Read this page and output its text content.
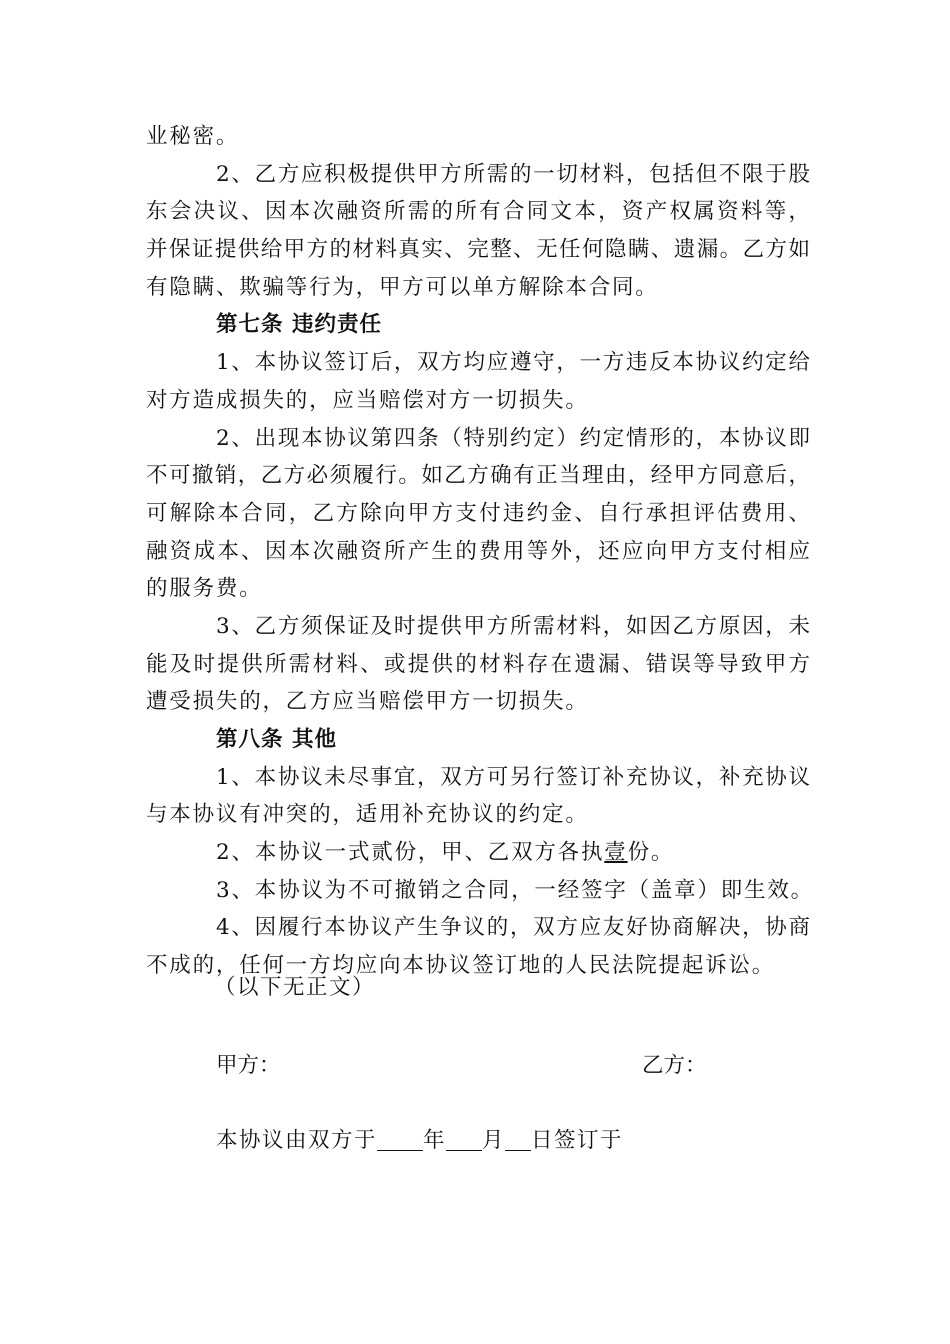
业秘密。
2、乙方应积极提供甲方所需的一切材料，包括但不限于股
东会决议、因本次融资所需的所有合同文本，资产权属资料等，
并保证提供给甲方的材料真实、完整、无任何隐瞒、遗漏。乙方如
有隐瞒、欺骗等行为，甲方可以单方解除本合同。
第七条 违约责任
1、本协议签订后，双方均应遵守，一方违反本协议约定给
对方造成损失的，应当赔偿对方一切损失。
2、出现本协议第四条（特别约定）约定情形的，本协议即
不可撤销，乙方必须履行。如乙方确有正当理由，经甲方同意后，
可解除本合同，乙方除向甲方支付违约金、自行承担评估费用、
融资成本、因本次融资所产生的费用等外，还应向甲方支付相应
的服务费。
3、乙方须保证及时提供甲方所需材料，如因乙方原因，未
能及时提供所需材料、或提供的材料存在遗漏、错误等导致甲方
遭受损失的，乙方应当赔偿甲方一切损失。
第八条 其他
1、本协议未尽事宜，双方可另行签订补充协议，补充协议
与本协议有冲突的，适用补充协议的约定。
2、本协议一式贰份，甲、乙双方各执壹份。
3、本协议为不可撤销之合同，一经签字（盖章）即生效。
4、因履行本协议产生争议的，双方应友好协商解决，协商
不成的，任何一方均应向本协议签订地的人民法院提起诉讼。
（以下无正文）
甲方：	乙方：
本协议由双方于 年 月 日签订于
